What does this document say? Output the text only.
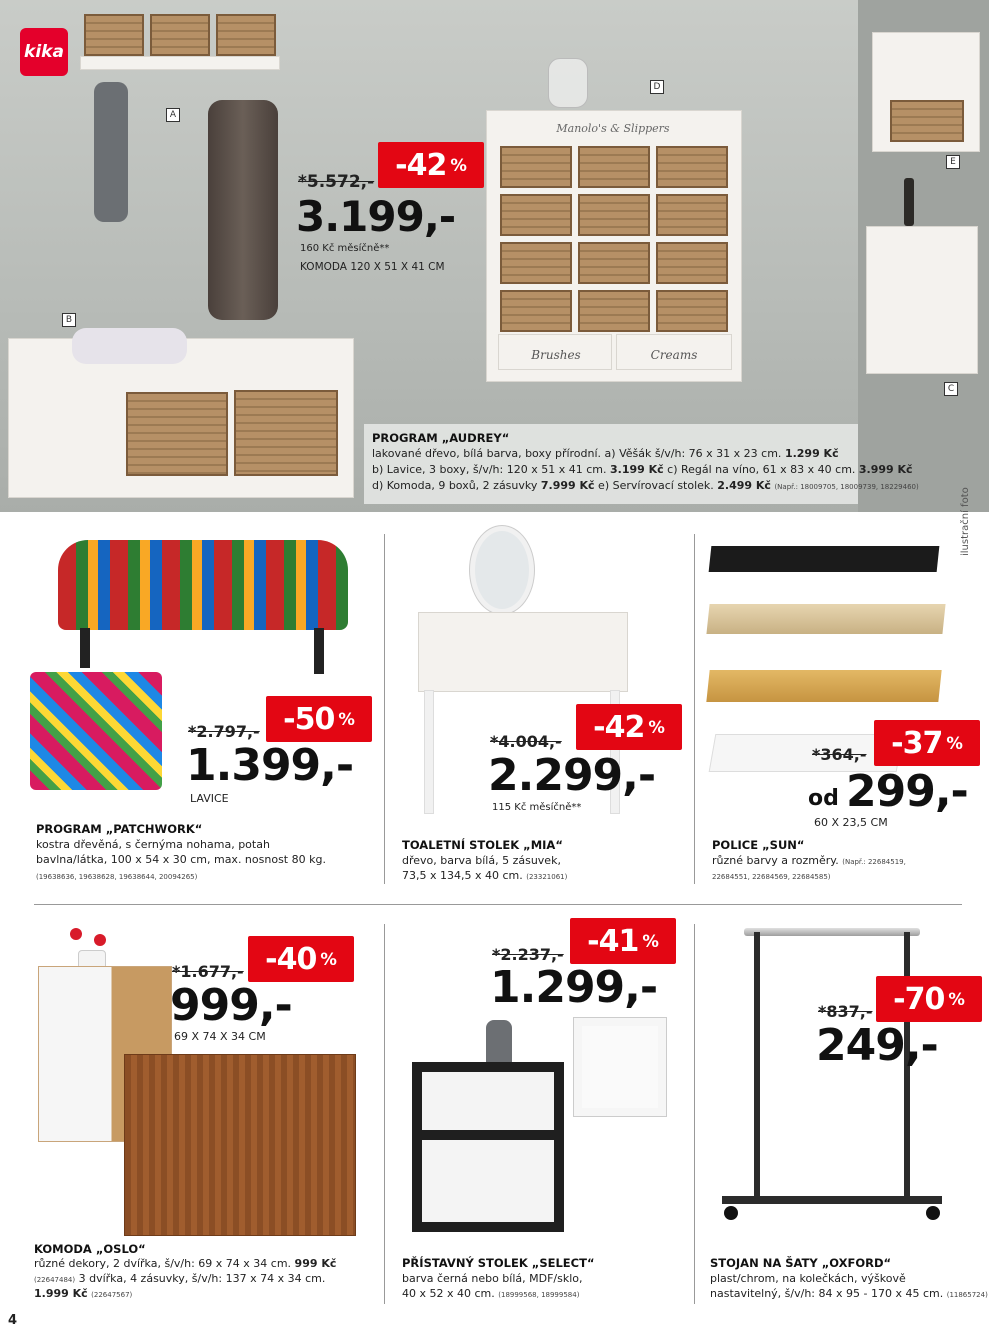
Manolo's & Slippers
Brushes	Creams
A
D
B
E
C
kika
*5.572,- -42 %
3.199,-
160 Kč měsíčně**
KOMODA 120 X 51 X 41 CM
PROGRAM „AUDREY“
lakované dřevo, bílá barva, boxy přírodní. a) Věšák š/v/h: 76 x 31 x 23 cm. 1.299 Kč
b) Lavice, 3 boxy, š/v/h: 120 x 51 x 41 cm. 3.199 Kč c) Regál na víno, 61 x 83 x 40 cm. 3.999 Kč
d) Komoda, 9 boxů, 2 zásuvky 7.999 Kč e) Servírovací stolek. 2.499 Kč (Např.: 18009705, 18009739, 18229460)
ilustrační foto
*2.797,- -50 %
1.399,-
LAVICE
PROGRAM „PATCHWORK“
kostra dřevěná, s černýma nohama, potah
bavlna/látka, 100 x 54 x 30 cm, max. nosnost 80 kg.
(19638636, 19638628, 19638644, 20094265)
*4.004,- -42 %
2.299,-
115 Kč měsíčně**
TOALETNÍ STOLEK „MIA“
dřevo, barva bílá, 5 zásuvek,
73,5 x 134,5 x 40 cm. (23321061)
*364,- -37 %
od 299,-
60 X 23,5 CM
POLICE „SUN“
různé barvy a rozměry. (Např.: 22684519,
22684551, 22684569, 22684585)
*1.677,- -40 %
999,-
69 X 74 X 34 CM
KOMODA „OSLO“
různé dekory, 2 dvířka, š/v/h: 69 x 74 x 34 cm. 999 Kč
(22647484) 3 dvířka, 4 zásuvky, š/v/h: 137 x 74 x 34 cm.
1.999 Kč (22647567)
*2.237,- -41 %
1.299,-
PŘÍSTAVNÝ STOLEK „SELECT“
barva černá nebo bílá, MDF/sklo,
40 x 52 x 40 cm. (18999568, 18999584)
*837,- -70 %
249,-
STOJAN NA ŠATY „OXFORD“
plast/chrom, na kolečkách, výškově
nastavitelný, š/v/h: 84 x 95 - 170 x 45 cm. (11865724)
4
